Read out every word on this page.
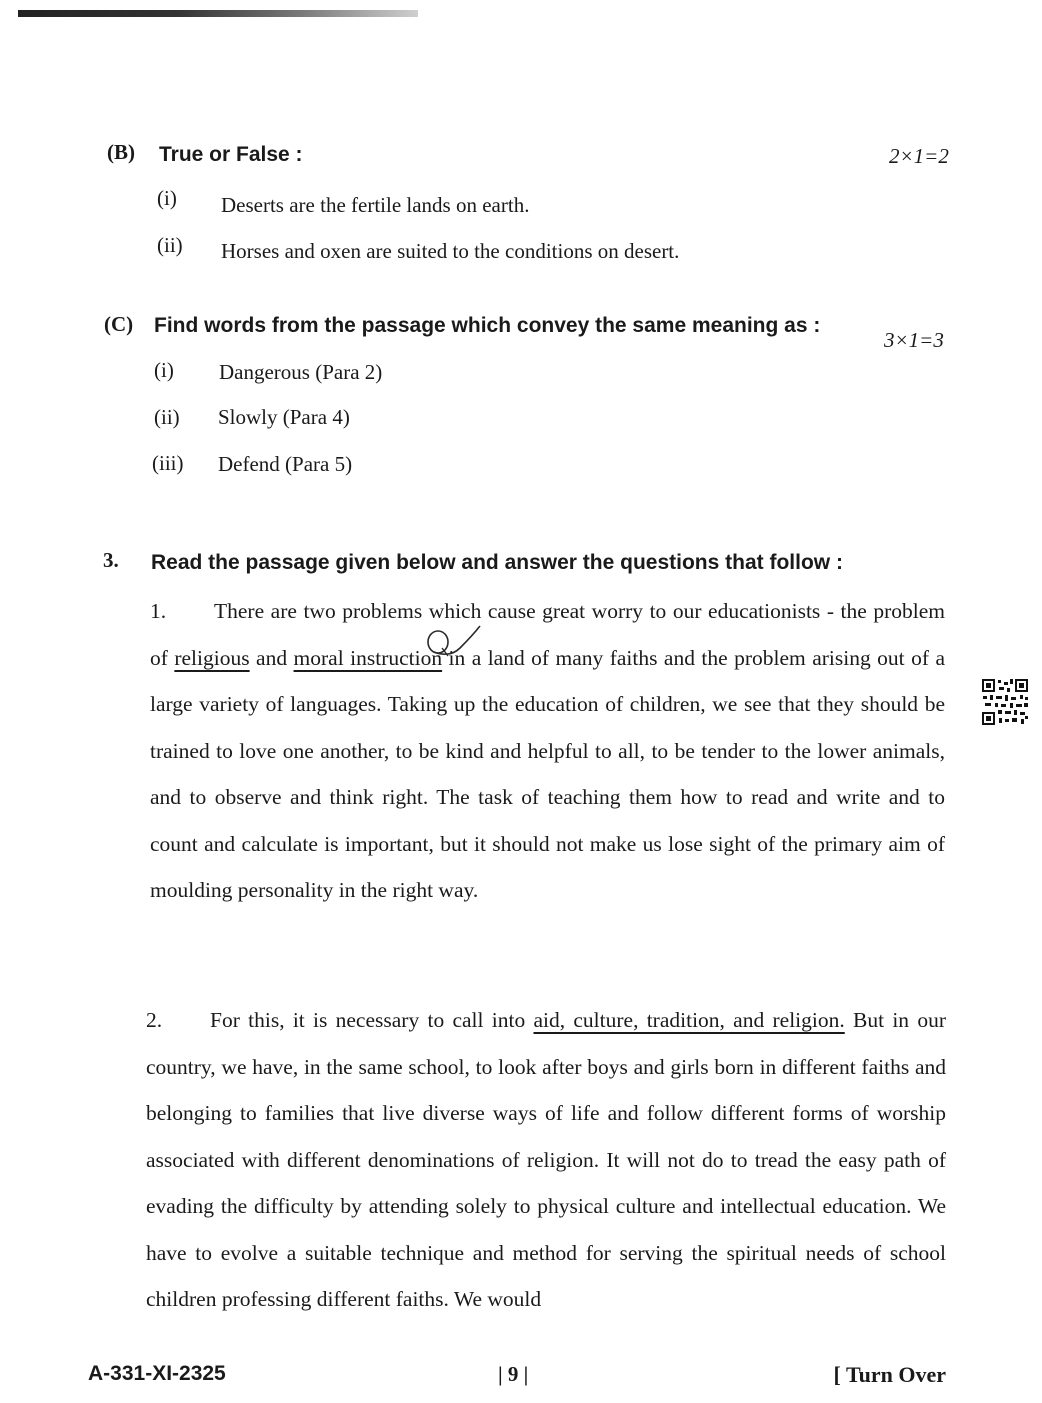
(B) True or False :	2×1=2
(i) Deserts are the fertile lands on earth.
(ii) Horses and oxen are suited to the conditions on desert.
(C) Find words from the passage which convey the same meaning as :
3×1=3
(i) Dangerous (Para 2)
(ii) Slowly (Para 4)
(iii) Defend (Para 5)
3. Read the passage given below and answer the questions that follow :
1. There are two problems which cause great worry to our educationists - the problem of religious and moral instruction in a land of many faiths and the problem arising out of a large variety of languages. Taking up the education of children, we see that they should be trained to love one another, to be kind and helpful to all, to be tender to the lower animals, and to observe and think right. The task of teaching them how to read and write and to count and calculate is important, but it should not make us lose sight of the primary aim of moulding personality in the right way.
2. For this, it is necessary to call into aid, culture, tradition, and religion. But in our country, we have, in the same school, to look after boys and girls born in different faiths and belonging to families that live diverse ways of life and follow different forms of worship associated with different denominations of religion. It will not do to tread the easy path of evading the difficulty by attending solely to physical culture and intellectual education. We have to evolve a suitable technique and method for serving the spiritual needs of school children professing different faiths. We would
A-331-XI-2325	| 9 |	[ Turn Over
